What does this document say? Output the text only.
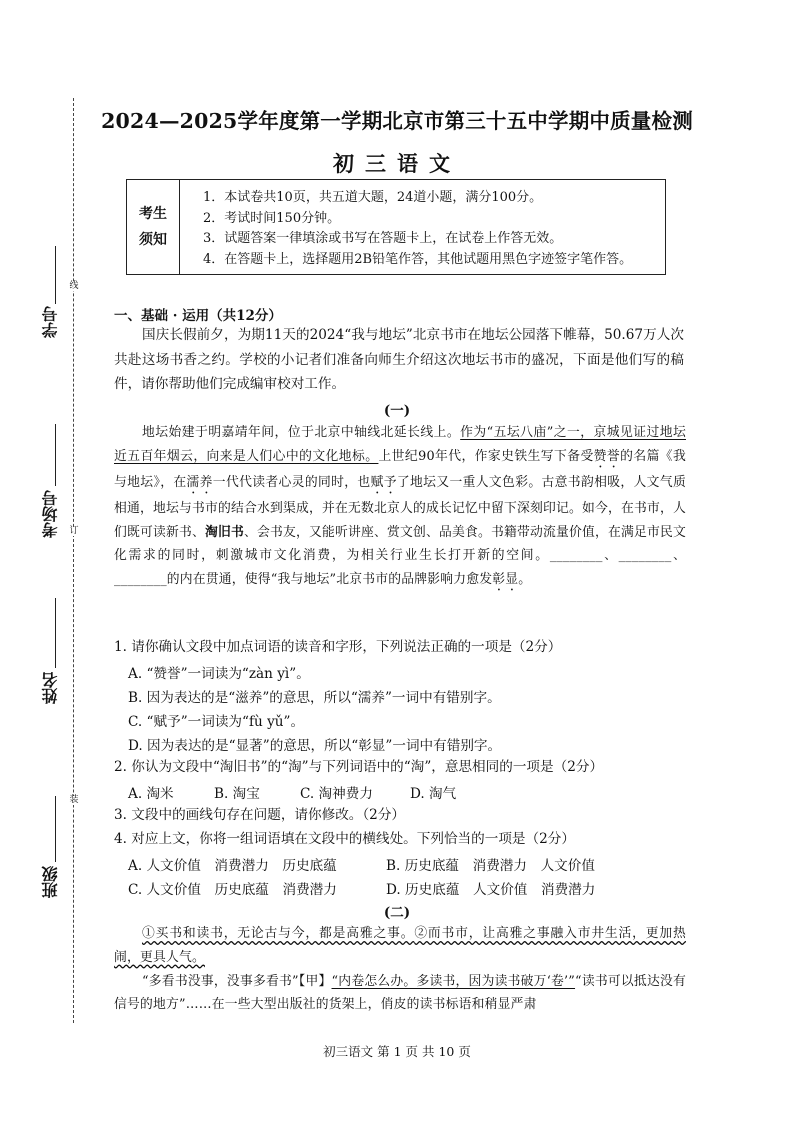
学号
考场号
姓名
班级
线
订
装
2024—2025学年度第一学期北京市第三十五中学期中质量检测
初三语文
考生
须知
1．本试卷共10页，共五道大题，24道小题，满分100分。
2．考试时间150分钟。
3．试题答案一律填涂或书写在答题卡上，在试卷上作答无效。
4．在答题卡上，选择题用2B铅笔作答，其他试题用黑色字迹签字笔作答。
一、基础 · 运用（共12分）
国庆长假前夕，为期11天的2024“我与地坛”北京书市在地坛公园落下帷幕，50.67万人次共赴这场书香之约。学校的小记者们准备向师生介绍这次地坛书市的盛况，下面是他们写的稿件，请你帮助他们完成编审校对工作。
(一)
地坛始建于明嘉靖年间，位于北京中轴线北延长线上。作为“五坛八庙”之一，京城见证过地坛近五百年烟云，向来是人们心中的文化地标。上世纪90年代，作家史铁生写下备受赞誉的名篇《我与地坛》，在濡养一代代读者心灵的同时，也赋予了地坛又一重人文色彩。古意书韵相吸，人文气质相通，地坛与书市的结合水到渠成，并在无数北京人的成长记忆中留下深刻印记。如今，在书市，人们既可读新书、淘旧书、会书友，又能听讲座、赏文创、品美食。书籍带动流量价值，在满足市民文化需求的同时，刺激城市文化消费，为相关行业生长打开新的空间。________、________、________的内在贯通，使得“我与地坛”北京书市的品牌影响力愈发彰显。
1. 请你确认文段中加点词语的读音和字形，下列说法正确的一项是（2分）
A. “赞誉”一词读为“zàn yì”。
B. 因为表达的是“滋养”的意思，所以“濡养”一词中有错别字。
C. “赋予”一词读为“fù yǔ”。
D. 因为表达的是“显著”的意思，所以“彰显”一词中有错别字。
2. 你认为文段中“淘旧书”的“淘”与下列词语中的“淘”，意思相同的一项是（2分）
A. 淘米	B. 淘宝	C. 淘神费力	D. 淘气
3. 文段中的画线句存在问题，请你修改。（2分）
4. 对应上文，你将一组词语填在文段中的横线处。下列恰当的一项是（2分）
A. 人文价值　消费潜力　历史底蕴	B. 历史底蕴　消费潜力　人文价值
C. 人文价值　历史底蕴　消费潜力	D. 历史底蕴　人文价值　消费潜力
(二)
①买书和读书，无论古与今，都是高雅之事。②而书市，让高雅之事融入市井生活，更加热闹，更具人气。
“多看书没事，没事多看书”【甲】“内卷怎么办。多读书，因为读书破万‘卷’”“读书可以抵达没有信号的地方”……在一些大型出版社的货架上，俏皮的读书标语和稍显严肃
初三语文 第 1 页 共 10 页
